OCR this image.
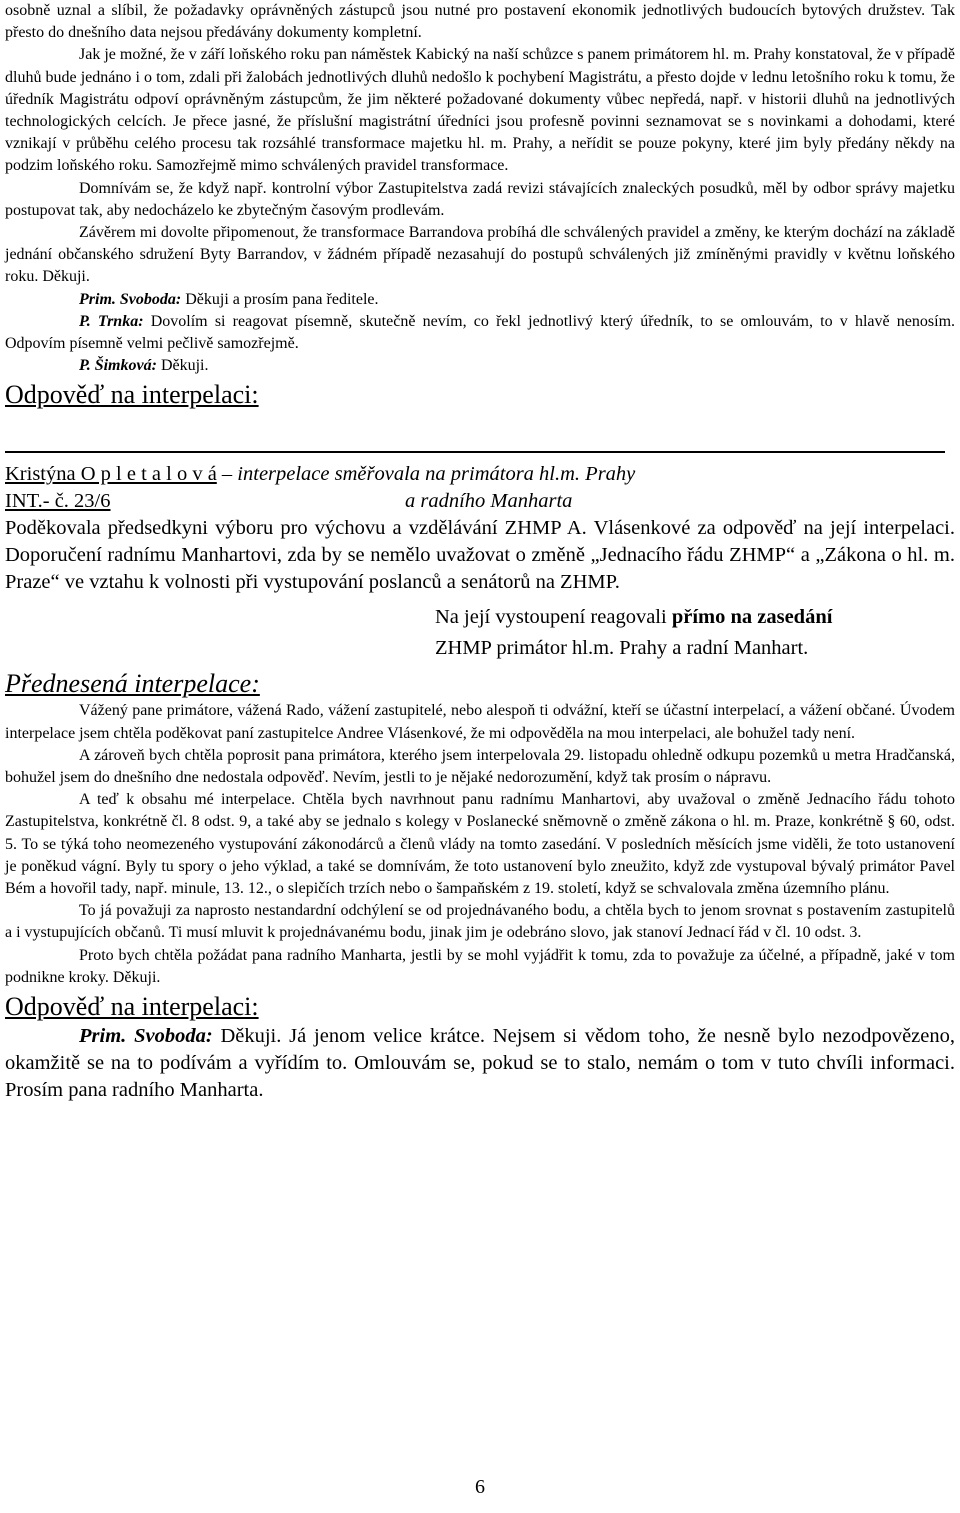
osobně uznal a slíbil, že požadavky oprávněných zástupců jsou nutné pro postavení ekonomik jednotlivých budoucích bytových družstev. Tak přesto do dnešního data nejsou předávány dokumenty kompletní.

Jak je možné, že v září loňského roku pan náměstek Kabický na naší schůzce s panem primátorem hl. m. Prahy konstatoval, že v případě dluhů bude jednáno i o tom, zdali při žalobách jednotlivých dluhů nedošlo k pochybení Magistrátu, a přesto dojde v lednu letošního roku k tomu, že úředník Magistrátu odpoví oprávněným zástupcům, že jim některé požadované dokumenty vůbec nepředá, např. v historii dluhů na jednotlivých technologických celcích. Je přece jasné, že příslušní magistrátní úředníci jsou profesně povinni seznamovat se s novinkami a dohodami, které vznikají v průběhu celého procesu tak rozsáhlé transformace majetku hl. m. Prahy, a neřídit se pouze pokyny, které jim byly předány někdy na podzim loňského roku. Samozřejmě mimo schválených pravidel transformace.

Domnívám se, že když např. kontrolní výbor Zastupitelstva zadá revizi stávajících znaleckých posudků, měl by odbor správy majetku postupovat tak, aby nedocházelo ke zbytečným časovým prodlevám.

Závěrem mi dovolte připomenout, že transformace Barrandova probíhá dle schválených pravidel a změny, ke kterým dochází na základě jednání občanského sdružení Byty Barrandov, v žádném případě nezasahují do postupů schválených již zmíněnými pravidly v květnu loňského roku. Děkuji.

Prim. Svoboda: Děkuji a prosím pana ředitele.

P. Trnka: Dovolím si reagovat písemně, skutečně nevím, co řekl jednotlivý který úředník, to se omlouvám, to v hlavě nenosím. Odpovím písemně velmi pečlivě samozřejmě.

P. Šimková: Děkuji.

Odpověď na interpelaci:

Kristýna O p l e t a l o v á – interpelace směřovala na primátora hl.m. Prahy

INT.- č. 23/6	a radního Manharta

Poděkovala předsedkyni výboru pro výchovu a vzdělávání ZHMP A. Vlásenkové za odpověď na její interpelaci. Doporučení radnímu Manhartovi, zda by se nemělo uvažovat o změně „Jednacího řádu ZHMP“ a „Zákona o hl. m. Praze“ ve vztahu k volnosti při vystupování poslanců a senátorů na ZHMP.

Na její vystoupení reagovali přímo na zasedání

ZHMP primátor hl.m. Prahy a radní Manhart.

Přednesená interpelace:

Vážený pane primátore, vážená Rado, vážení zastupitelé, nebo alespoň ti odvážní, kteří se účastní interpelací, a vážení občané. Úvodem interpelace jsem chtěla poděkovat paní zastupitelce Andree Vlásenkové, že mi odpověděla na mou interpelaci, ale bohužel tady není.

A zároveň bych chtěla poprosit pana primátora, kterého jsem interpelovala 29. listopadu ohledně odkupu pozemků u metra Hradčanská, bohužel jsem do dnešního dne nedostala odpověď. Nevím, jestli to je nějaké nedorozumění, když tak prosím o nápravu.

A teď k obsahu mé interpelace. Chtěla bych navrhnout panu radnímu Manhartovi, aby uvažoval o změně Jednacího řádu tohoto Zastupitelstva, konkrétně čl. 8 odst. 9, a také aby se jednalo s kolegy v Poslanecké sněmovně o změně zákona o hl. m. Praze, konkrétně § 60, odst. 5. To se týká toho neomezeného vystupování zákonodárců a členů vlády na tomto zasedání. V posledních měsících jsme viděli, že toto ustanovení je poněkud vágní. Byly tu spory o jeho výklad, a také se domnívám, že toto ustanovení bylo zneužito, když zde vystupoval bývalý primátor Pavel Bém a hovořil tady, např. minule, 13. 12., o slepičích trzích nebo o šampaňském z 19. století, když se schvalovala změna územního plánu.

To já považuji za naprosto nestandardní odchýlení se od projednávaného bodu, a chtěla bych to jenom srovnat s postavením zastupitelů a i vystupujících občanů. Ti musí mluvit k projednávanému bodu, jinak jim je odebráno slovo, jak stanoví Jednací řád v čl. 10 odst. 3.

Proto bych chtěla požádat pana radního Manharta, jestli by se mohl vyjádřit k tomu, zda to považuje za účelné, a případně, jaké v tom podnikne kroky. Děkuji.

Odpověď na interpelaci:

Prim. Svoboda: Děkuji. Já jenom velice krátce. Nejsem si vědom toho, že nesně bylo nezodpovězeno, okamžitě se na to podívám a vyřídím to. Omlouvám se, pokud se to stalo, nemám o tom v tuto chvíli informaci. Prosím pana radního Manharta.

6
